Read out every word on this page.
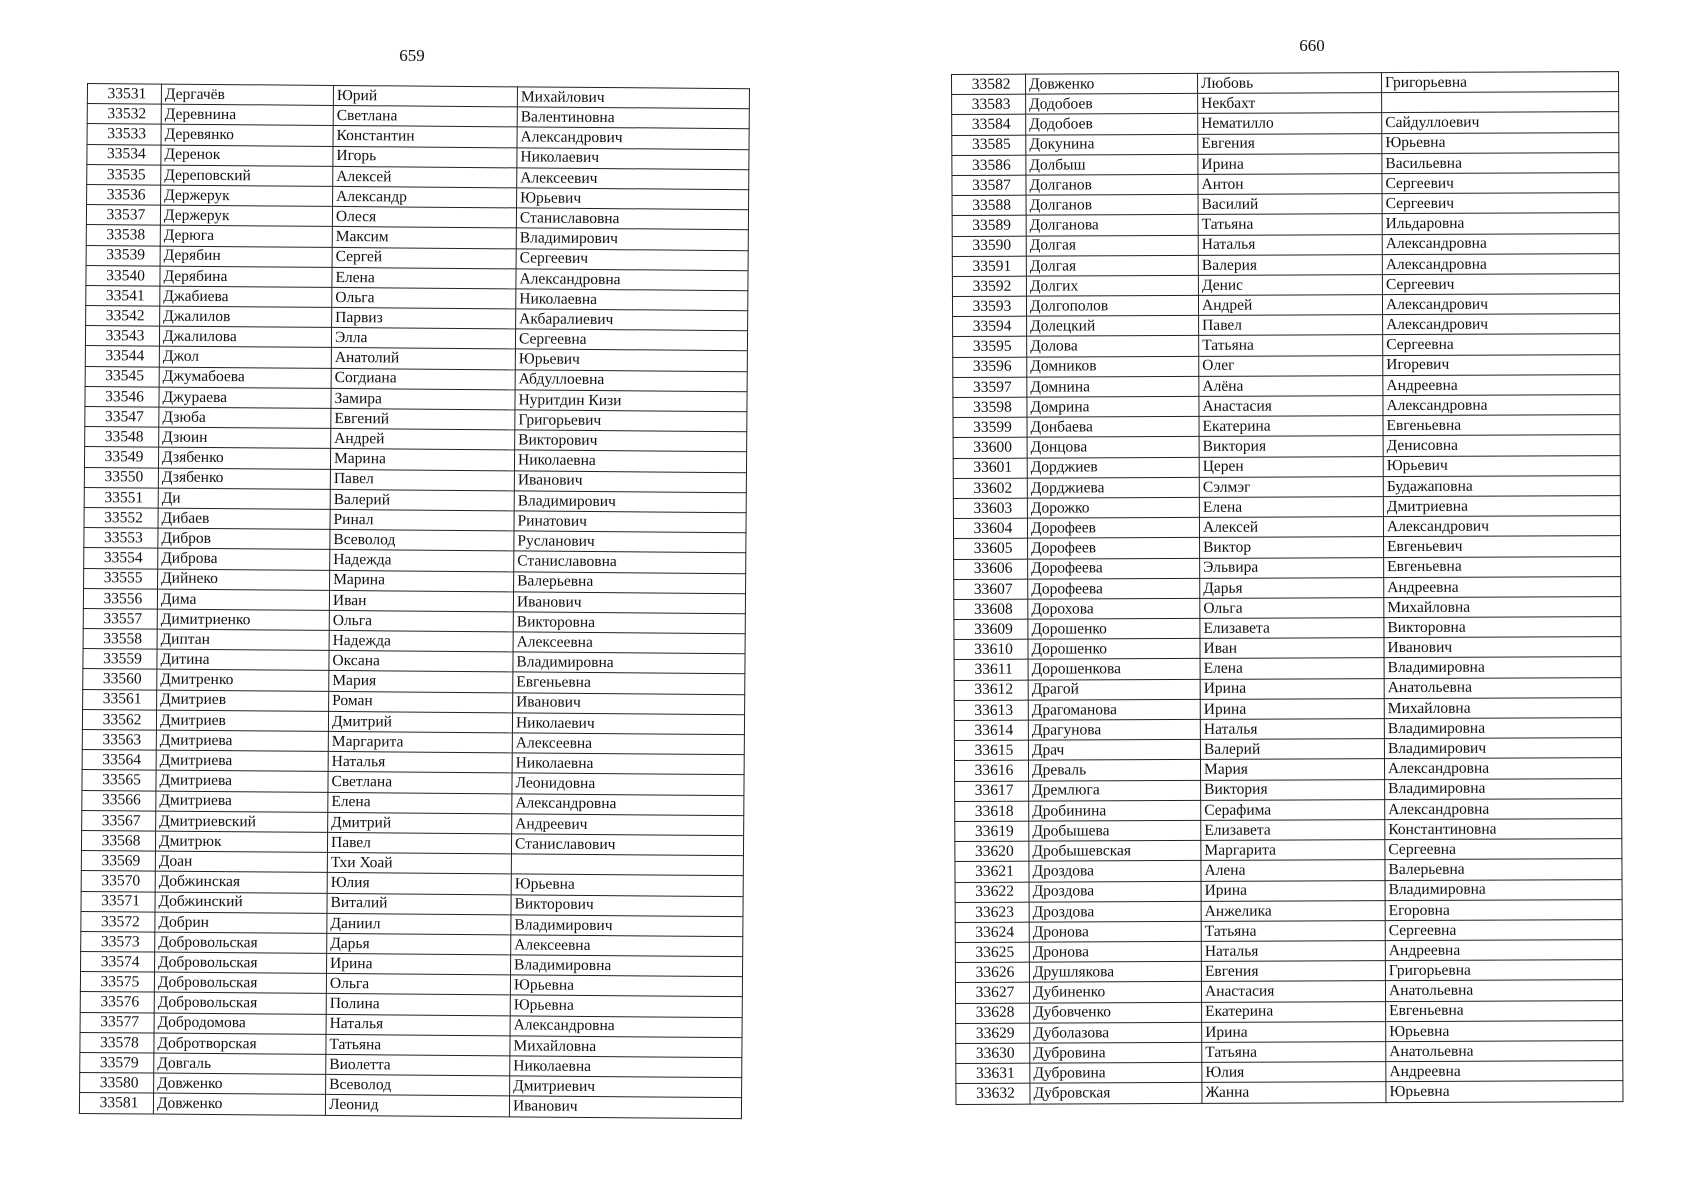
659
33531	Дергачёв	Юрий	Михайлович
33532	Деревнина	Светлана	Валентиновна
33533	Деревянко	Константин	Александрович
33534	Деренок	Игорь	Николаевич
33535	Дереповский	Алексей	Алексеевич
33536	Держерук	Александр	Юрьевич
33537	Держерук	Олеся	Станиславовна
33538	Дерюга	Максим	Владимирович
33539	Дерябин	Сергей	Сергеевич
33540	Дерябина	Елена	Александровна
33541	Джабиева	Ольга	Николаевна
33542	Джалилов	Парвиз	Акбаралиевич
33543	Джалилова	Элла	Сергеевна
33544	Джол	Анатолий	Юрьевич
33545	Джумабоева	Согдиана	Абдуллоевна
33546	Джураева	Замира	Нуритдин Кизи
33547	Дзюба	Евгений	Григорьевич
33548	Дзюин	Андрей	Викторович
33549	Дзябенко	Марина	Николаевна
33550	Дзябенко	Павел	Иванович
33551	Ди	Валерий	Владимирович
33552	Дибаев	Ринал	Ринатович
33553	Дибров	Всеволод	Русланович
33554	Диброва	Надежда	Станиславовна
33555	Дийнеко	Марина	Валерьевна
33556	Дима	Иван	Иванович
33557	Димитриенко	Ольга	Викторовна
33558	Диптан	Надежда	Алексеевна
33559	Дитина	Оксана	Владимировна
33560	Дмитренко	Мария	Евгеньевна
33561	Дмитриев	Роман	Иванович
33562	Дмитриев	Дмитрий	Николаевич
33563	Дмитриева	Маргарита	Алексеевна
33564	Дмитриева	Наталья	Николаевна
33565	Дмитриева	Светлана	Леонидовна
33566	Дмитриева	Елена	Александровна
33567	Дмитриевский	Дмитрий	Андреевич
33568	Дмитрюк	Павел	Станиславович
33569	Доан	Тхи Хоай	
33570	Добжинская	Юлия	Юрьевна
33571	Добжинский	Виталий	Викторович
33572	Добрин	Даниил	Владимирович
33573	Добровольская	Дарья	Алексеевна
33574	Добровольская	Ирина	Владимировна
33575	Добровольская	Ольга	Юрьевна
33576	Добровольская	Полина	Юрьевна
33577	Добродомова	Наталья	Александровна
33578	Добротворская	Татьяна	Михайловна
33579	Довгаль	Виолетта	Николаевна
33580	Довженко	Всеволод	Дмитриевич
33581	Довженко	Леонид	Иванович
660
33582	Довженко	Любовь	Григорьевна
33583	Додобоев	Некбахт	
33584	Додобоев	Нематилло	Сайдуллоевич
33585	Докунина	Евгения	Юрьевна
33586	Долбыш	Ирина	Васильевна
33587	Долганов	Антон	Сергеевич
33588	Долганов	Василий	Сергеевич
33589	Долганова	Татьяна	Ильдаровна
33590	Долгая	Наталья	Александровна
33591	Долгая	Валерия	Александровна
33592	Долгих	Денис	Сергеевич
33593	Долгополов	Андрей	Александрович
33594	Долецкий	Павел	Александрович
33595	Долова	Татьяна	Сергеевна
33596	Домников	Олег	Игоревич
33597	Домнина	Алёна	Андреевна
33598	Домрина	Анастасия	Александровна
33599	Донбаева	Екатерина	Евгеньевна
33600	Донцова	Виктория	Денисовна
33601	Дорджиев	Церен	Юрьевич
33602	Дорджиева	Сэлмэг	Будажаповна
33603	Дорожко	Елена	Дмитриевна
33604	Дорофеев	Алексей	Александрович
33605	Дорофеев	Виктор	Евгеньевич
33606	Дорофеева	Эльвира	Евгеньевна
33607	Дорофеева	Дарья	Андреевна
33608	Дорохова	Ольга	Михайловна
33609	Дорошенко	Елизавета	Викторовна
33610	Дорошенко	Иван	Иванович
33611	Дорошенкова	Елена	Владимировна
33612	Драгой	Ирина	Анатольевна
33613	Драгоманова	Ирина	Михайловна
33614	Драгунова	Наталья	Владимировна
33615	Драч	Валерий	Владимирович
33616	Древаль	Мария	Александровна
33617	Дремлюга	Виктория	Владимировна
33618	Дробинина	Серафима	Александровна
33619	Дробышева	Елизавета	Константиновна
33620	Дробышевская	Маргарита	Сергеевна
33621	Дроздова	Алена	Валерьевна
33622	Дроздова	Ирина	Владимировна
33623	Дроздова	Анжелика	Егоровна
33624	Дронова	Татьяна	Сергеевна
33625	Дронова	Наталья	Андреевна
33626	Друшлякова	Евгения	Григорьевна
33627	Дубиненко	Анастасия	Анатольевна
33628	Дубовченко	Екатерина	Евгеньевна
33629	Дуболазова	Ирина	Юрьевна
33630	Дубровина	Татьяна	Анатольевна
33631	Дубровина	Юлия	Андреевна
33632	Дубровская	Жанна	Юрьевна
